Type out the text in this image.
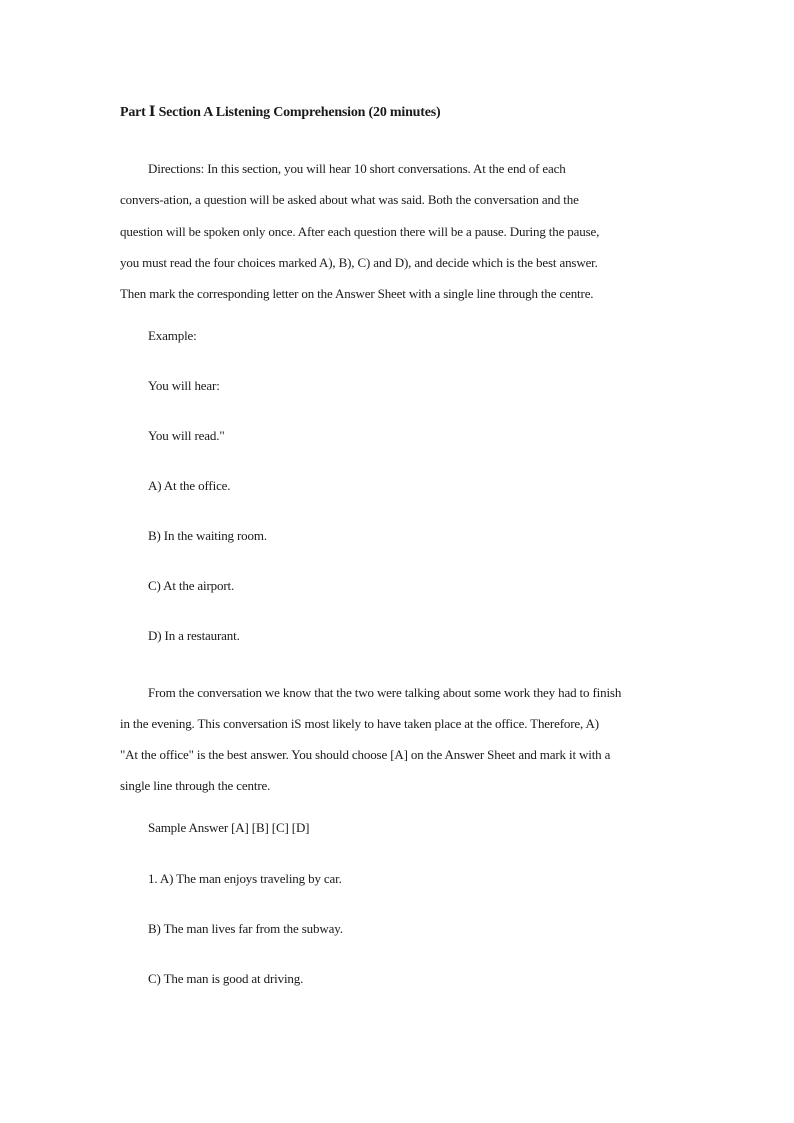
Part Ⅰ Section A Listening Comprehension (20 minutes)
Directions: In this section, you will hear 10 short conversations. At the end of each
convers-ation, a question will be asked about what was said. Both the conversation and the
question will be spoken only once. After each question there will be a pause. During the pause,
you must read the four choices marked A), B), C) and D), and decide which is the best answer.
Then mark the corresponding letter on the Answer Sheet with a single line through the centre.
Example:
You will hear:
You will read."
A) At the office.
B) In the waiting room.
C) At the airport.
D) In a restaurant.
From the conversation we know that the two were talking about some work they had to finish
in the evening. This conversation iS most likely to have taken place at the office. Therefore, A)
"At the office" is the best answer. You should choose [A] on the Answer Sheet and mark it with a
single line through the centre.
Sample Answer [A] [B] [C] [D]
1. A) The man enjoys traveling by car.
B) The man lives far from the subway.
C) The man is good at driving.
